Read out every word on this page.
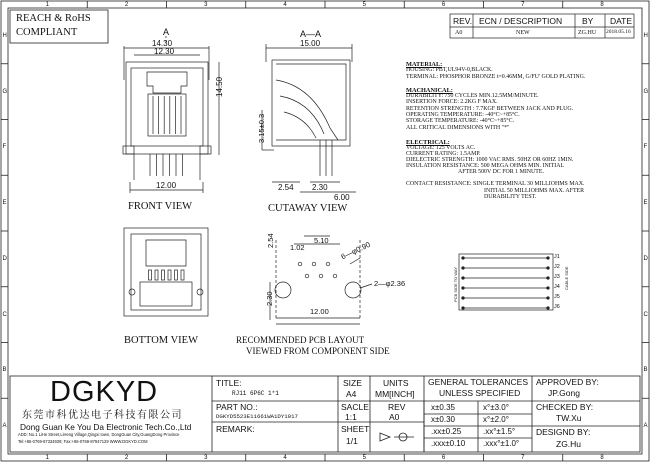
1
1
2
2
3
3
4
4
5
5
6
6
7
7
8
8
H	H
G	G
F	F
E	E
D	D
C	C
B	B
A	A
REACH & RoHS
COMPLIANT
REV. ECN / DESCRIPTION BY DATE
A0	NEW	ZG.HU 2018.05.16
A
14.30
12.30
14.50
12.00
FRONT VIEW
A—A
15.00
3.15±0.3
2.54 2.30
6.00
CUTAWAY VIEW
BOTTOM VIEW
2.54 1.02
5.10 6—φ0.90
2—φ2.36
2.30
12.00
RECOMMENDED PCB LAYOUT
VIEWED FROM COMPONENT SIDE
PCB SIDE TO WAY	CABLE SIDE
J1
J2
J3
J4
J5
J6
MATERIAL:
HOUSING: PBT,UL94V-0,BLACK.
TERMINAL: PHOSPHOR BRONZE t=0.46MM, G/FU' GOLD PLATING.
MACHANICAL:
DURABILITY: 750 CYCLES MIN.12.5MM/MINUTE.
INSERTION FORCE: 2.2KG F MAX.
RETENTION STRENGTH : 7.7KGF BETWEEN JACK AND PLUG.
OPERATING TEMPERATURE: -40°C~+85°C.
STORAGE TEMPERATURE: -40°C~+85°C.
ALL CRITICAL DIMENSIONS WITH "*"
ELECTRICAL:
VOLTAGE: 125 VOLTS AC.
CURRENT RATING: 1.5AMP.
DIELECTRIC STRENGTH: 1000 VAC RMS. 50HZ OR 60HZ 1MIN.
INSULATION RESISTANCE: 500 MEGA OHMS MIN. INITIAL
AFTER 500V DC FOR 1 MINUTE.
CONTACT RESISTANCE: SINGLE TERMINAL 30 MILLIOHMS MAX.
INITIAL 50 MILLIOHMS MAX. AFTER
DURABILITY TEST.
DGKYD
东莞市科优达电子科技有限公司
Dong Guan Ke You Da Electronic Tech.Co.,Ltd
ADD: No.1 LiHe Street,LiHeng Village,Qingxi town, DongGuan City,GuangDong Province
Tel:+86-0769-87334939; Fax:+86-0769-87947129 WWW.DGKYD.COM
TITLE:
RJ11 6P6C 1*1
SIZE
A4
UNITS
MM[INCH]
PART NO.:
DGKYD5523E11661WA1DY1017
SACLE
1:1
REV
A0
REMARK:	SHEET
1/1
GENERAL TOLERANCES
UNLESS SPECIFIED
x±0.35	x°±3.0°
x±0.30	x°±2.0°
.xx±0.25	.xx°±1.5°
.xxx±0.10 .xxx°±1.0°
APPROVED BY:
JP.Gong
CHECKED BY:
TW.Xu
DESIGND BY:
ZG.Hu
